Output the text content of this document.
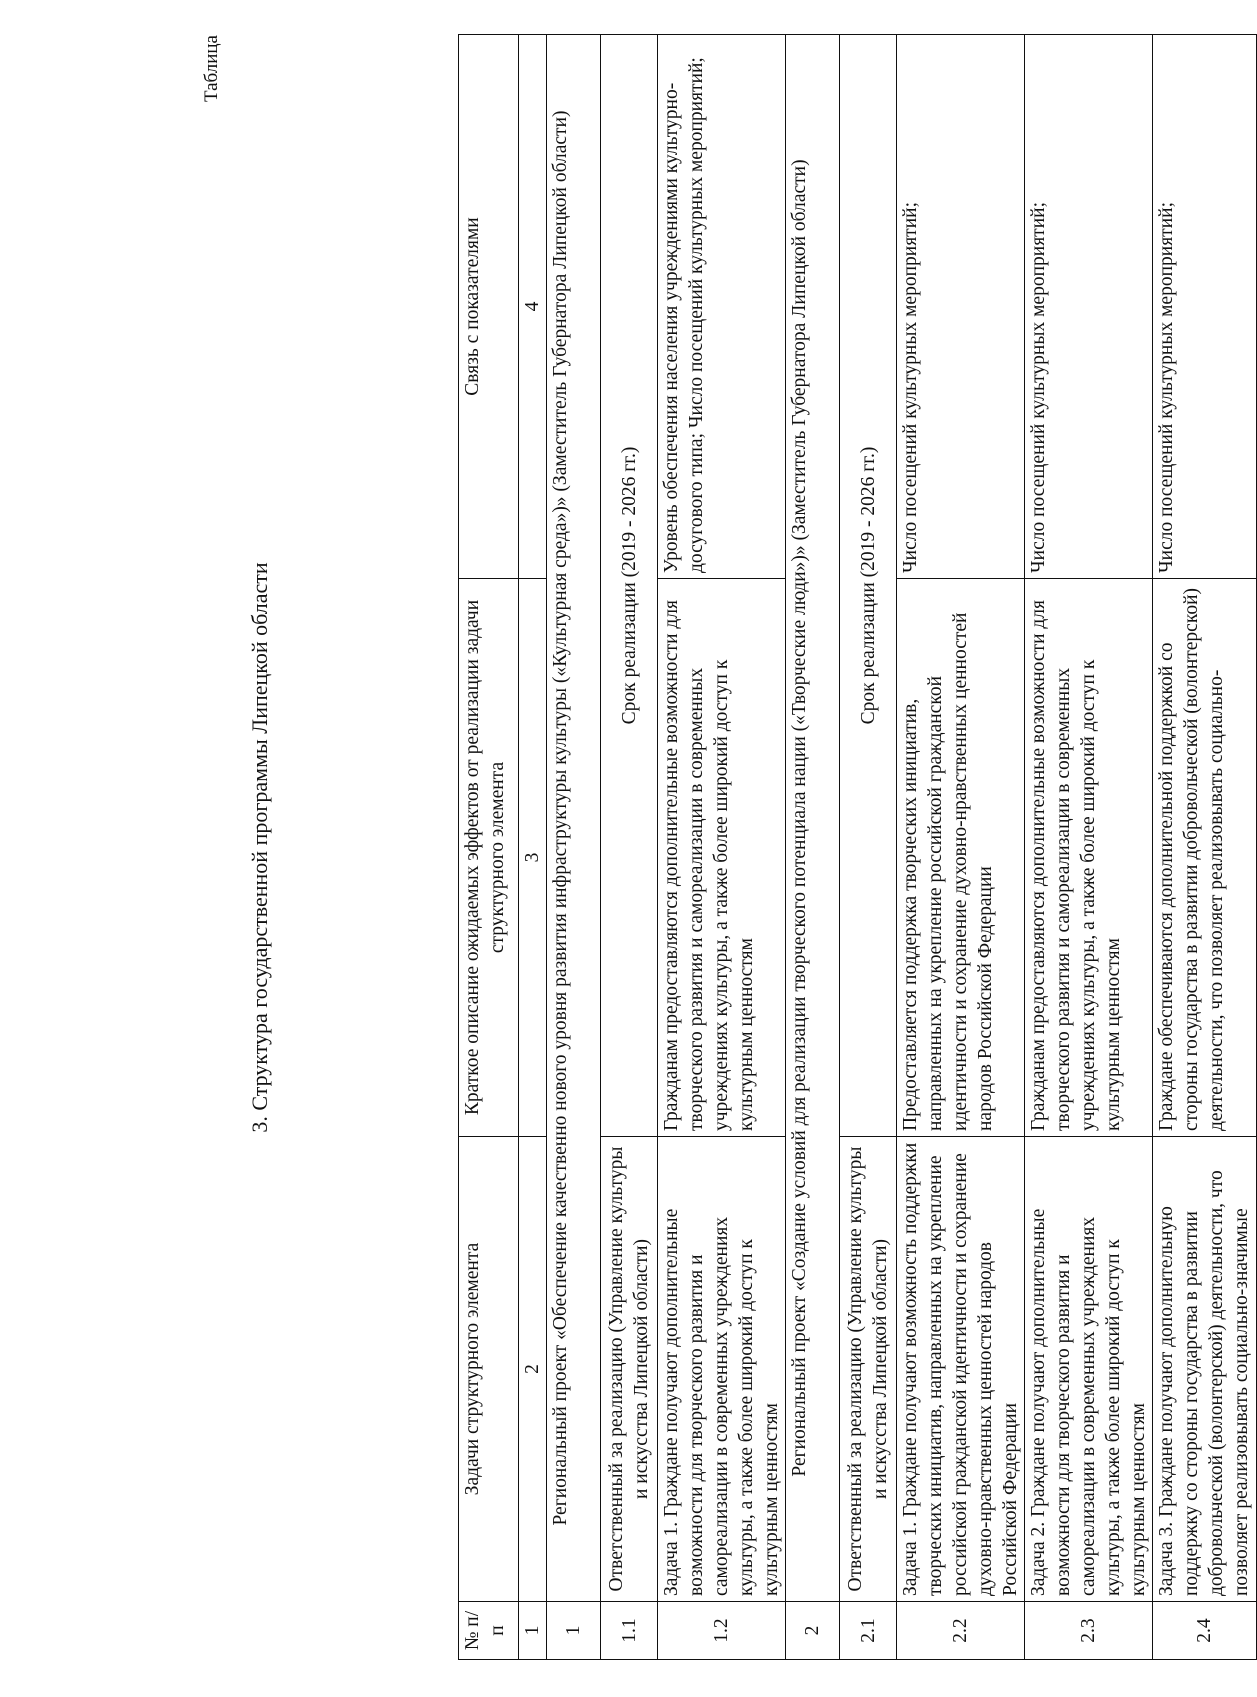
Таблица
3. Структура государственной программы Липецкой области
№ п/п	Задачи структурного элемента	Краткое описание ожидаемых эффектов от реализации задачи структурного элемента	Связь с показателями
1	2	3	4
1	Региональный проект «Обеспечение качественно нового уровня развития инфраструктуры культуры («Культурная среда»)» (Заместитель Губернатора Липецкой области)		
1.1	Ответственный за реализацию (Управление культуры и искусства Липецкой области)	Срок реализации (2019 - 2026 гг.)	
1.2	Задача 1. Граждане получают дополнительные возможности для творческого развития и самореализации в современных учреждениях культуры, а также более широкий доступ к культурным ценностям	Гражданам предоставляются дополнительные возможности для творческого развития и самореализации в современных учреждениях культуры, а также более широкий доступ к культурным ценностям	Уровень обеспечения населения учреждениями культурно-досугового типа; Число посещений культурных мероприятий;
2	Региональный проект «Создание условий для реализации творческого потенциала нации («Творческие люди»)» (Заместитель Губернатора Липецкой области)		
2.1	Ответственный за реализацию (Управление культуры и искусства Липецкой области)	Срок реализации (2019 - 2026 гг.)	
2.2	Задача 1. Граждане получают возможность поддержки творческих инициатив, направленных на укрепление российской гражданской идентичности и сохранение духовно-нравственных ценностей народов Российской Федерации	Предоставляется поддержка творческих инициатив, направленных на укрепление российской гражданской идентичности и сохранение духовно-нравственных ценностей народов Российской Федерации	Число посещений культурных мероприятий;
2.3	Задача 2. Граждане получают дополнительные возможности для творческого развития и самореализации в современных учреждениях культуры, а также более широкий доступ к культурным ценностям	Гражданам предоставляются дополнительные возможности для творческого развития и самореализации в современных учреждениях культуры, а также более широкий доступ к культурным ценностям	Число посещений культурных мероприятий;
2.4	Задача 3. Граждане получают дополнительную поддержку со стороны государства в развитии добровольческой (волонтерской) деятельности, что позволяет реализовывать социально-значимые	Граждане обеспечиваются дополнительной поддержкой со стороны государства в развитии добровольческой (волонтерской) деятельности, что позволяет реализовывать социально-	Число посещений культурных мероприятий;
